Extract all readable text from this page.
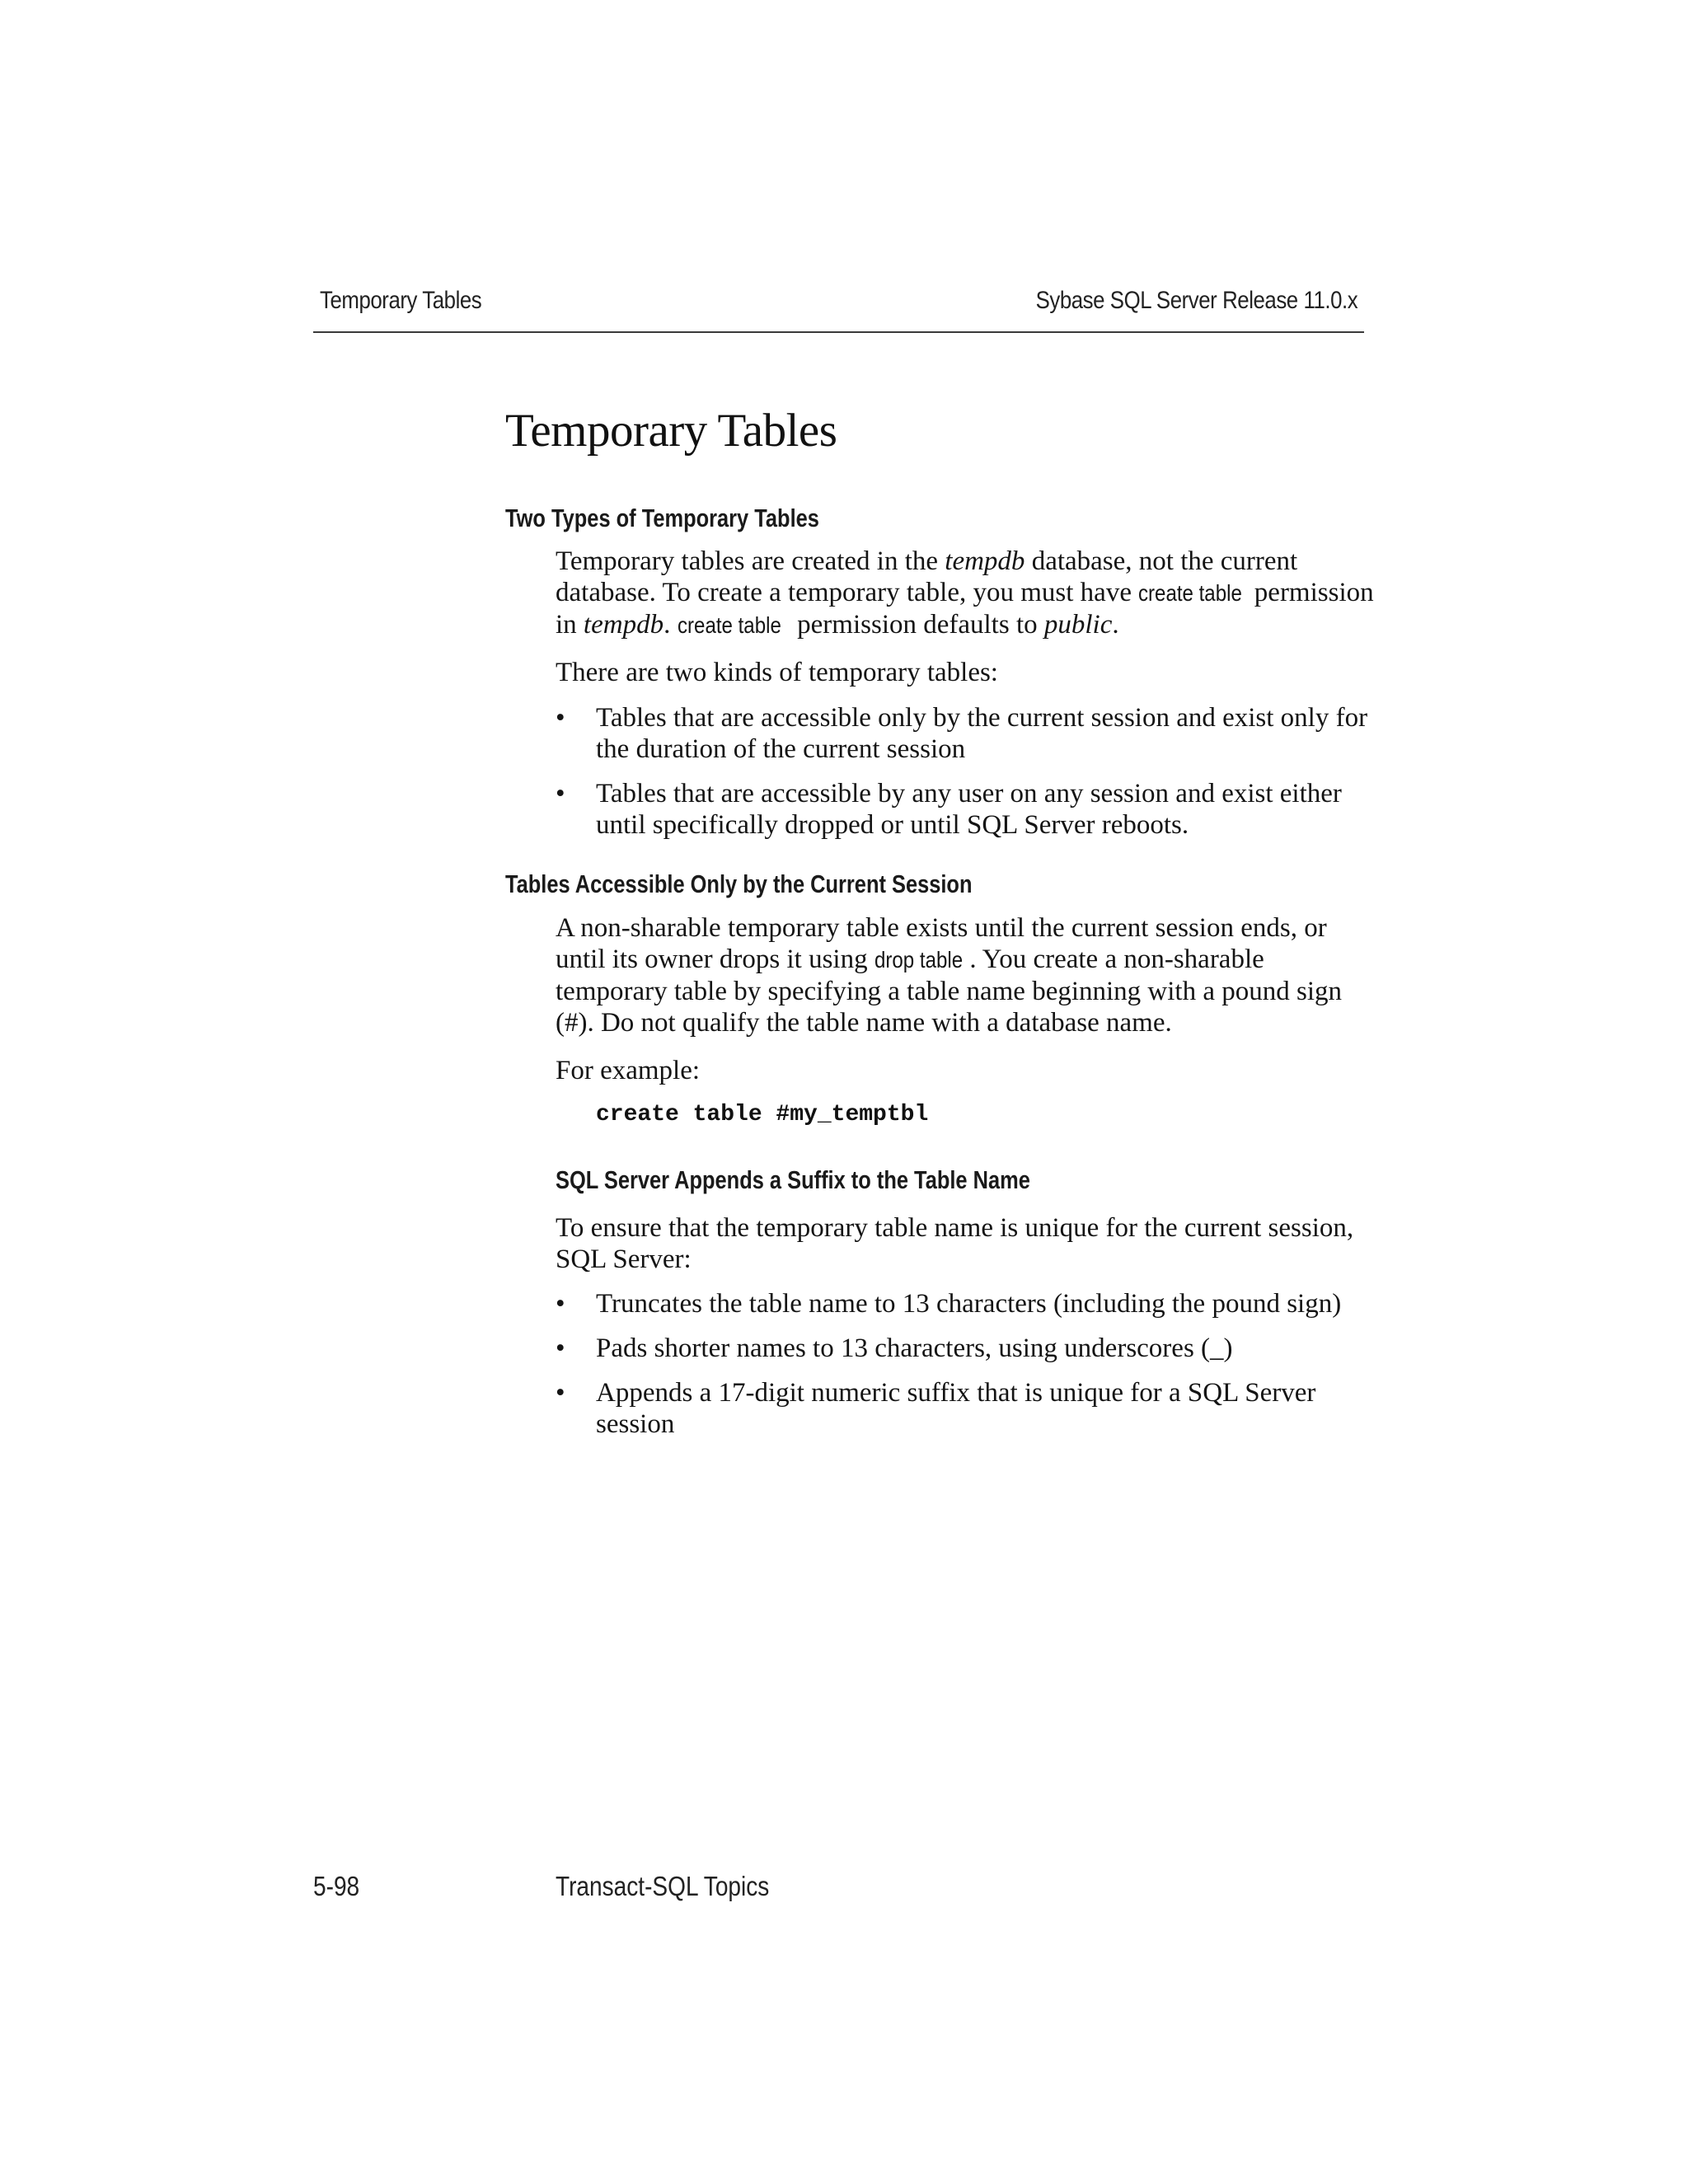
Temporary Tables	Sybase SQL Server Release 11.0.x
Temporary Tables
Two Types of Temporary Tables

Temporary tables are created in the tempdb database, not the current database. To create a temporary table, you must have create table permission in tempdb. create table permission defaults to public.

There are two kinds of temporary tables:

• Tables that are accessible only by the current session and exist only for the duration of the current session
• Tables that are accessible by any user on any session and exist either until specifically dropped or until SQL Server reboots.
Tables Accessible Only by the Current Session

A non-sharable temporary table exists until the current session ends, or until its owner drops it using drop table . You create a non-sharable temporary table by specifying a table name beginning with a pound sign (#). Do not qualify the table name with a database name.

For example:

create table #my_temptbl
SQL Server Appends a Suffix to the Table Name

To ensure that the temporary table name is unique for the current session, SQL Server:

• Truncates the table name to 13 characters (including the pound sign)
• Pads shorter names to 13 characters, using underscores (_)
• Appends a 17-digit numeric suffix that is unique for a SQL Server session
5-98	Transact-SQL Topics
